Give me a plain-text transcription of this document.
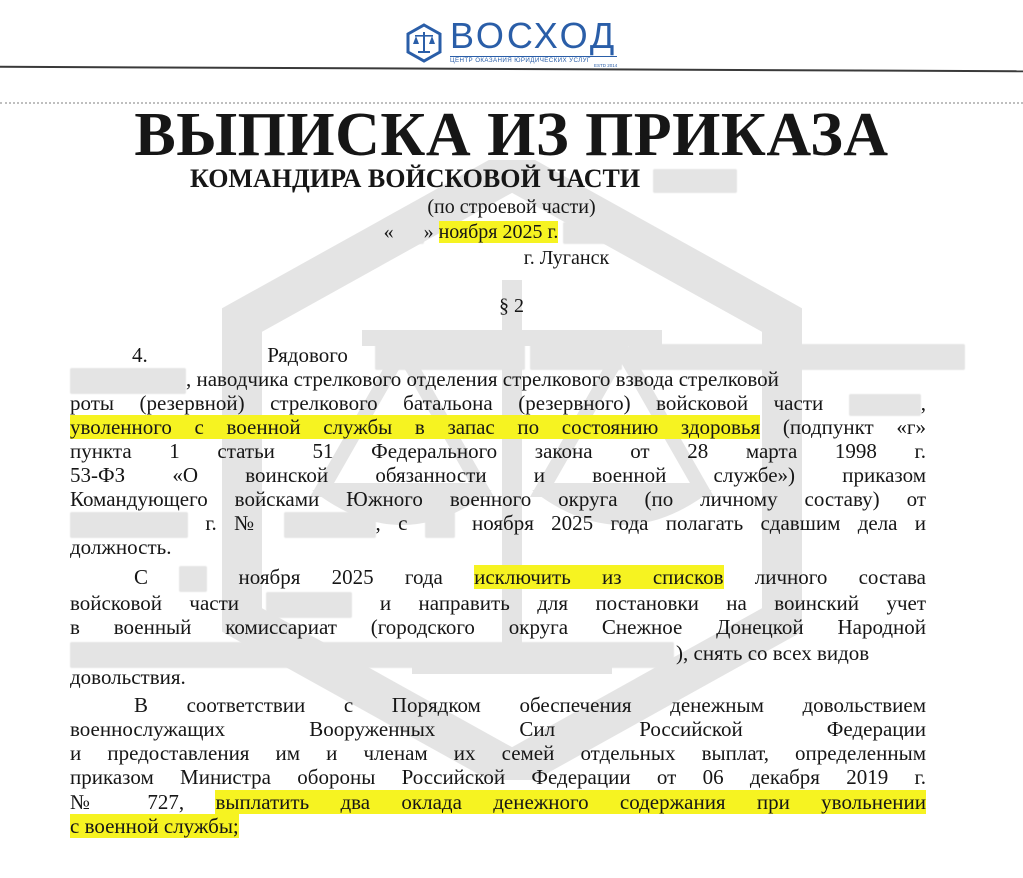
ВОСХОД
ЦЕНТР ОКАЗАНИЯ ЮРИДИЧЕСКИХ УСЛУГ
ESTD 2014
ВЫПИСКА ИЗ ПРИКАЗА
КОМАНДИРА ВОЙСКОВОЙ ЧАСТИ
(по строевой части)
« » ноября 2025 г.
г. Луганск
§ 2
4.	Рядового
, наводчика стрелкового отделения стрелкового взвода стрелковой
роты (резервной) стрелкового батальона (резервного) войсковой части	,
уволенного с военной службы в запас по состоянию здоровья (подпункт «г»
пункта 1 статьи 51 Федерального закона от 28 марта 1998 г.
53-ФЗ «О воинской обязанности и военной службе») приказом
Командующего войсками Южного военного округа (по личному составу) от
г. №	, с	ноября 2025 года полагать сдавшим дела и
должность.
С	ноября 2025 года исключить из списков личного состава
войсковой части	и направить для постановки на воинский учет
в военный комиссариат (городского округа Снежное Донецкой Народной
), снять со всех видов
довольствия.
В соответствии с Порядком обеспечения денежным довольствием
военнослужащих Вооруженных Сил Российской Федерации
и предоставления им и членам их семей отдельных выплат, определенным
приказом Министра обороны Российской Федерации от 06 декабря 2019 г.
№ 727, выплатить два оклада денежного содержания при увольнении
с военной службы;
